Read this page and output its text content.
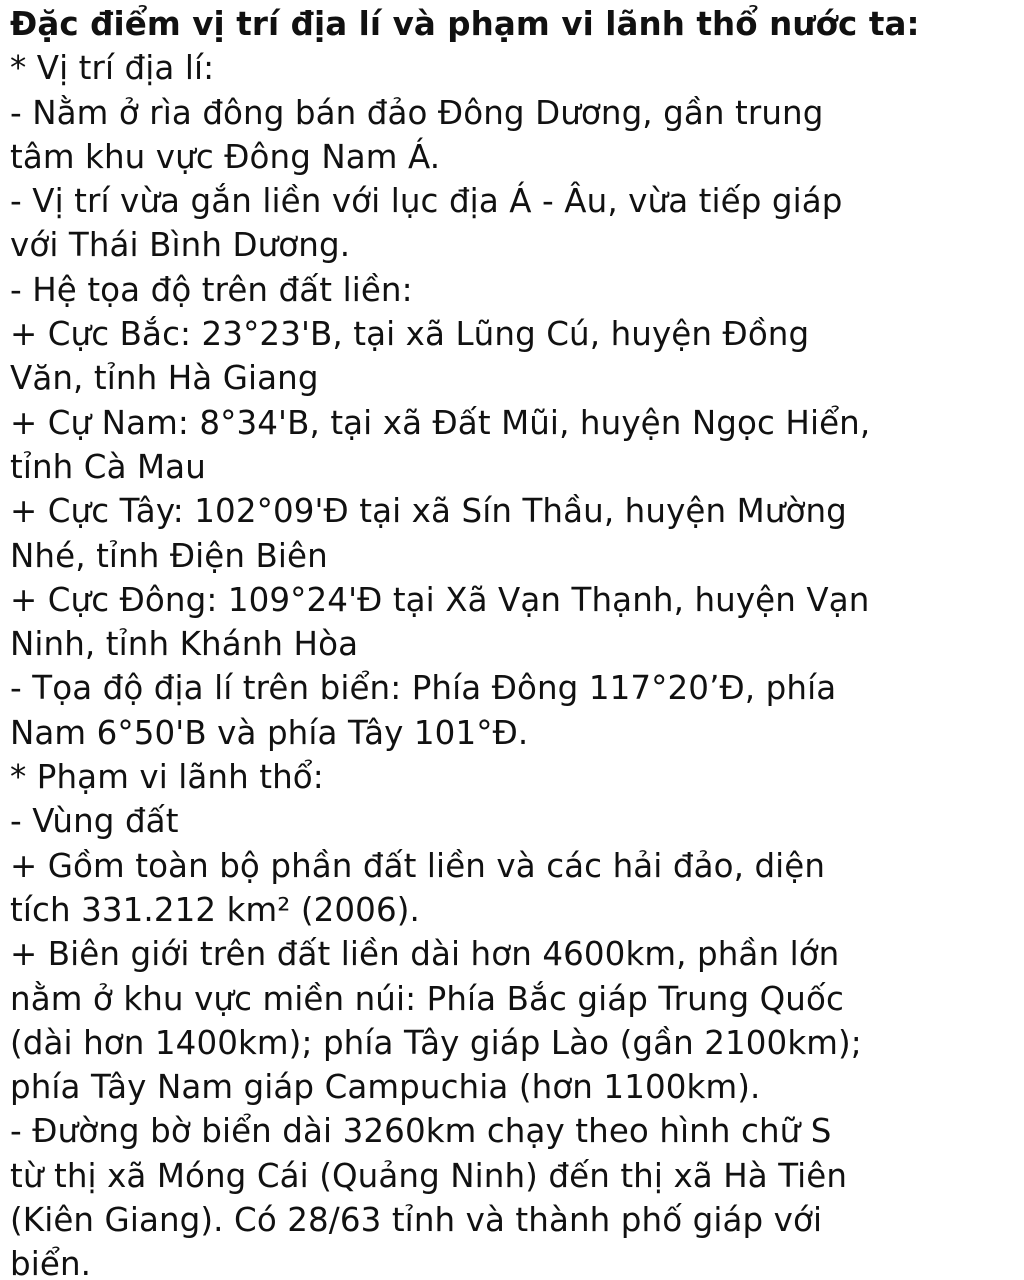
Đặc điểm vị trí địa lí và phạm vi lãnh thổ nước ta:
* Vị trí địa lí:
- Nằm ở rìa đông bán đảo Đông Dương, gần trung
tâm khu vực Đông Nam Á.
- Vị trí vừa gắn liền với lục địa Á - Âu, vừa tiếp giáp
với Thái Bình Dương.
- Hệ tọa độ trên đất liền:
+ Cực Bắc: 23°23'B, tại xã Lũng Cú, huyện Đồng
Văn, tỉnh Hà Giang
+ Cự Nam: 8°34'B, tại xã Đất Mũi, huyện Ngọc Hiển,
tỉnh Cà Mau
+ Cực Tây: 102°09'Đ tại xã Sín Thầu, huyện Mường
Nhé, tỉnh Điện Biên
+ Cực Đông: 109°24'Đ tại Xã Vạn Thạnh, huyện Vạn
Ninh, tỉnh Khánh Hòa
- Tọa độ địa lí trên biển: Phía Đông 117°20’Đ, phía
Nam 6°50'B và phía Tây 101°Đ.
* Phạm vi lãnh thổ:
- Vùng đất
+ Gồm toàn bộ phần đất liền và các hải đảo, diện
tích 331.212 km² (2006).
+ Biên giới trên đất liền dài hơn 4600km, phần lớn
nằm ở khu vực miền núi: Phía Bắc giáp Trung Quốc
(dài hơn 1400km); phía Tây giáp Lào (gần 2100km);
phía Tây Nam giáp Campuchia (hơn 1100km).
- Đường bờ biển dài 3260km chạy theo hình chữ S
từ thị xã Móng Cái (Quảng Ninh) đến thị xã Hà Tiên
(Kiên Giang). Có 28/63 tỉnh và thành phố giáp với
biển.
